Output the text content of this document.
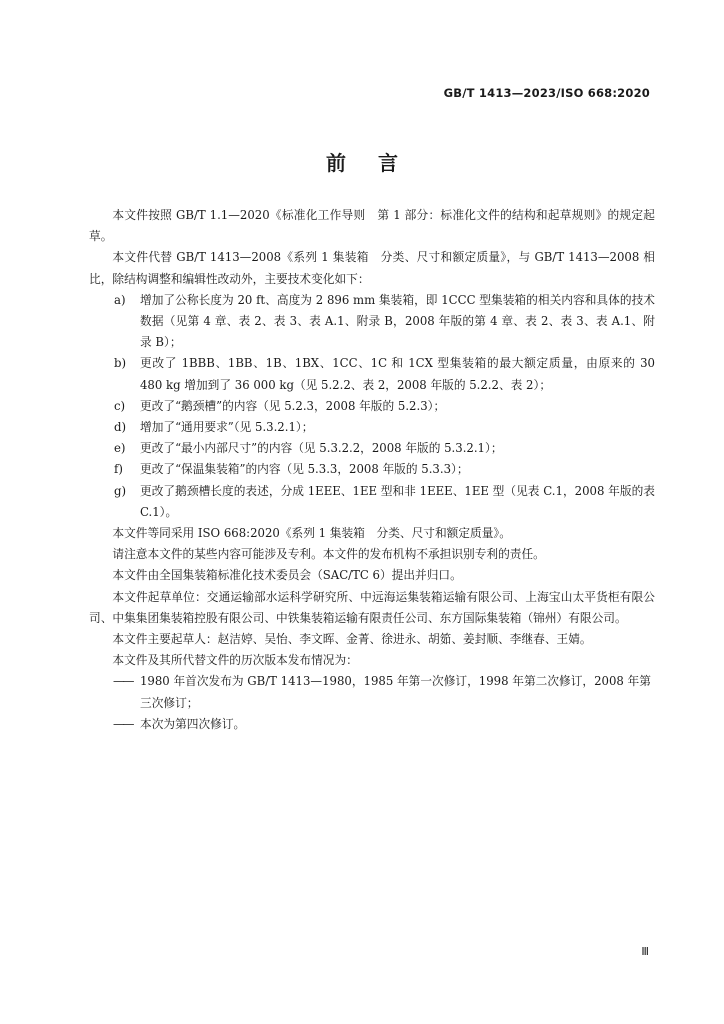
GB/T 1413—2023/ISO 668:2020
前言

本文件按照 GB/T 1.1—2020《标准化工作导则　第 1 部分：标准化文件的结构和起草规则》的规定起草。

本文件代替 GB/T 1413—2008《系列 1 集装箱　分类、尺寸和额定质量》，与 GB/T 1413—2008 相比，除结构调整和编辑性改动外，主要技术变化如下：

a)	增加了公称长度为 20 ft、高度为 2 896 mm 集装箱，即 1CCC 型集装箱的相关内容和具体的技术数据（见第 4 章、表 2、表 3、表 A.1、附录 B，2008 年版的第 4 章、表 2、表 3、表 A.1、附录 B）；
b)	更改了 1BBB、1BB、1B、1BX、1CC、1C 和 1CX 型集装箱的最大额定质量，由原来的 30 480 kg 增加到了 36 000 kg（见 5.2.2、表 2，2008 年版的 5.2.2、表 2）；
c)	更改了“鹅颈槽”的内容（见 5.2.3，2008 年版的 5.2.3）；
d)	增加了“通用要求”（见 5.3.2.1）；
e)	更改了“最小内部尺寸”的内容（见 5.3.2.2，2008 年版的 5.3.2.1）；
f)	更改了“保温集装箱”的内容（见 5.3.3，2008 年版的 5.3.3）；
g)	更改了鹅颈槽长度的表述，分成 1EEE、1EE 型和非 1EEE、1EE 型（见表 C.1，2008 年版的表 C.1）。

本文件等同采用 ISO 668:2020《系列 1 集装箱　分类、尺寸和额定质量》。

请注意本文件的某些内容可能涉及专利。本文件的发布机构不承担识别专利的责任。

本文件由全国集装箱标准化技术委员会（SAC/TC 6）提出并归口。

本文件起草单位：交通运输部水运科学研究所、中远海运集装箱运输有限公司、上海宝山太平货柜有限公司、中集集团集装箱控股有限公司、中铁集装箱运输有限责任公司、东方国际集装箱（锦州）有限公司。

本文件主要起草人：赵洁婷、吴怡、李文晖、金菁、徐进永、胡筎、姜封顺、李继春、王婧。

本文件及其所代替文件的历次版本发布情况为：

—— 1980 年首次发布为 GB/T 1413—1980，1985 年第一次修订，1998 年第二次修订，2008 年第三次修订；
—— 本次为第四次修订。
Ⅲ
